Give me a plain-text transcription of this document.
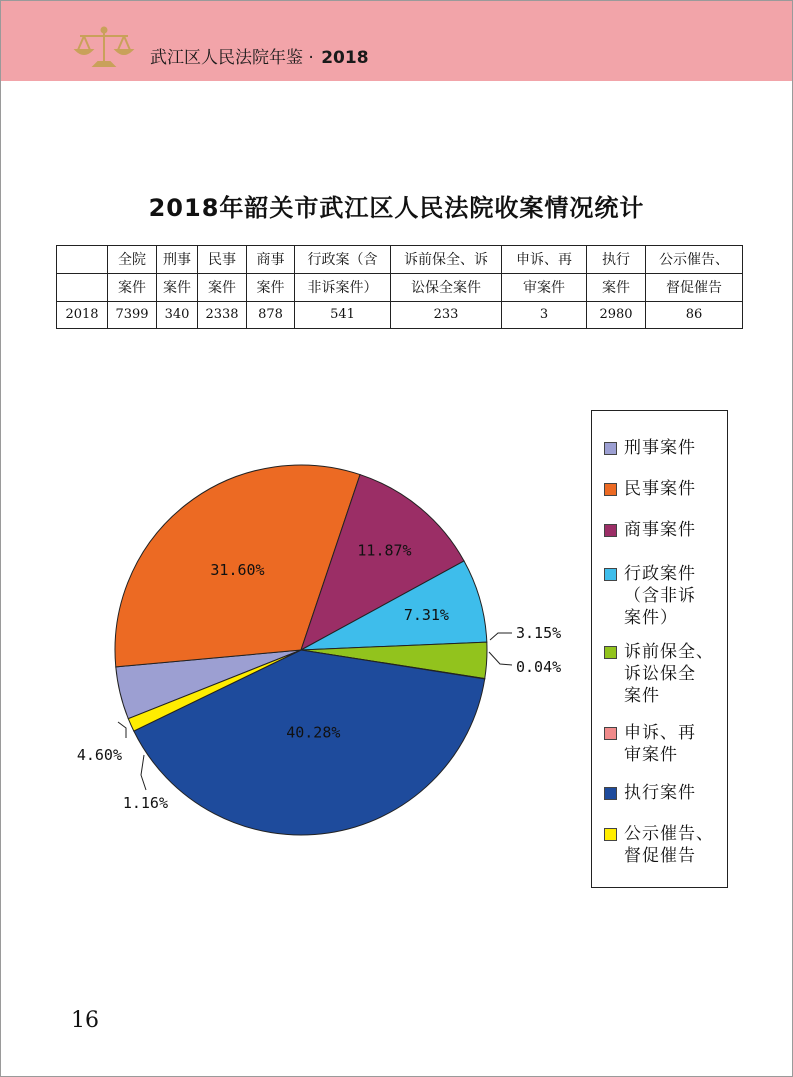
武江区人民法院年鉴 · 2018
2018年韶关市武江区人民法院收案情况统计
	全院	刑事	民事	商事	行政案（含	诉前保全、诉	申诉、再	执行	公示催告、
	案件	案件	案件	案件	非诉案件）	讼保全案件	审案件	案件	督促催告
2018	7399	340	2338	878	541	233	3	2980	86
4.60%
31.60%
11.87%
7.31%
3.15%
0.04%
40.28%
1.16%
刑事案件
民事案件
商事案件
行政案件
（含非诉
案件）
诉前保全、
诉讼保全
案件
申诉、再
审案件
执行案件
公示催告、
督促催告
16
